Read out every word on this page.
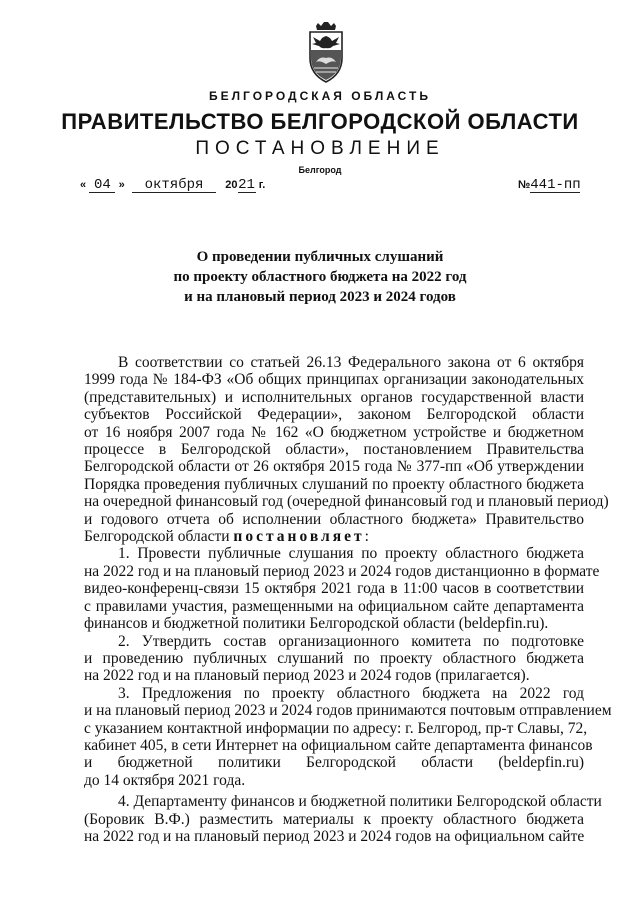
БЕЛГОРОДСКАЯ ОБЛАСТЬ
ПРАВИТЕЛЬСТВО БЕЛГОРОДСКОЙ ОБЛАСТИ
ПОСТАНОВЛЕНИЕ
Белгород
« 04 » октября 2021 г.	№441-пп
О проведении публичных слушаний
по проекту областного бюджета на 2022 год
и на плановый период 2023 и 2024 годов
В соответствии со статьей 26.13 Федерального закона от 6 октября
1999 года № 184-ФЗ «Об общих принципах организации законодательных
(представительных) и исполнительных органов государственной власти
субъектов Российской Федерации», законом Белгородской области
от 16 ноября 2007 года № 162 «О бюджетном устройстве и бюджетном
процессе в Белгородской области», постановлением Правительства
Белгородской области от 26 октября 2015 года № 377-пп «Об утверждении
Порядка проведения публичных слушаний по проекту областного бюджета
на очередной финансовый год (очередной финансовый год и плановый период)
и годового отчета об исполнении областного бюджета» Правительство
Белгородской области постановляет:
1. Провести публичные слушания по проекту областного бюджета
на 2022 год и на плановый период 2023 и 2024 годов дистанционно в формате
видео-конференц-связи 15 октября 2021 года в 11:00 часов в соответствии
с правилами участия, размещенными на официальном сайте департамента
финансов и бюджетной политики Белгородской области (beldepfin.ru).
2. Утвердить состав организационного комитета по подготовке
и проведению публичных слушаний по проекту областного бюджета
на 2022 год и на плановый период 2023 и 2024 годов (прилагается).
3. Предложения по проекту областного бюджета на 2022 год
и на плановый период 2023 и 2024 годов принимаются почтовым отправлением
с указанием контактной информации по адресу: г. Белгород, пр-т Славы, 72,
кабинет 405, в сети Интернет на официальном сайте департамента финансов
и бюджетной политики Белгородской области (beldepfin.ru)
до 14 октября 2021 года.
4. Департаменту финансов и бюджетной политики Белгородской области
(Боровик В.Ф.) разместить материалы к проекту областного бюджета
на 2022 год и на плановый период 2023 и 2024 годов на официальном сайте
